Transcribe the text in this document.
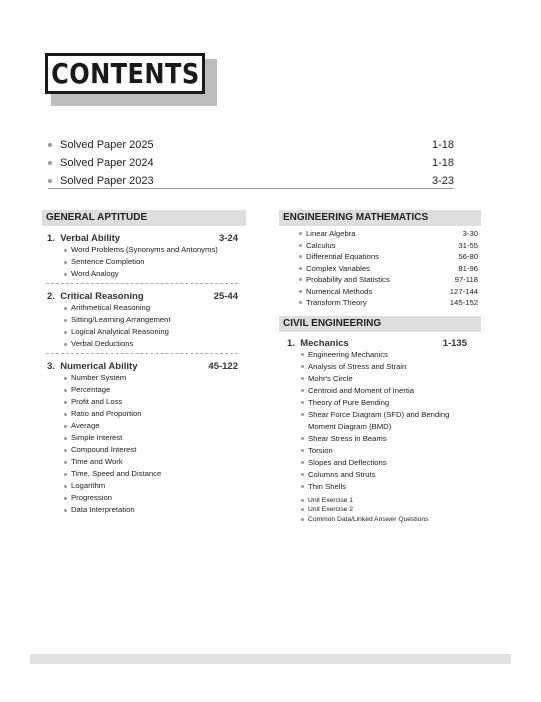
CONTENTS
Solved Paper 2025	1-18
Solved Paper 2024	1-18
Solved Paper 2023	3-23
GENERAL APTITUDE
1. Verbal Ability	3-24
Word Problems (Synonyms and Antonyms)
Sentence Completion
Word Analogy
2. Critical Reasoning	25-44
Arithmetical Reasoning
Sitting/Learning Arrangement
Logical Analytical Reasoning
Verbal Deductions
3. Numerical Ability	45-122
Number System
Percentage
Profit and Loss
Ratio and Proportion
Average
Simple Interest
Compound Interest
Time and Work
Time, Speed and Distance
Logarithm
Progression
Data Interpretation
ENGINEERING MATHEMATICS
Linear Algebra	3-30
Calculus	31-55
Differential Equations	56-80
Complex Variables	81-96
Probability and Statistics	97-118
Numerical Methods	127-144
Transform Theory	145-152
CIVIL ENGINEERING
1. Mechanics	1-135
Engineering Mechanics
Analysis of Stress and Strain
Mohr's Circle
Centroid and Moment of Inertia
Theory of Pure Bending
Shear Force Diagram (SFD) and Bending Moment Diagram (BMD)
Shear Stress in Beams
Torsion
Slopes and Deflections
Columns and Struts
Thin Shells
Unit Exercise 1
Unit Exercise 2
Common Data/Linked Answer Questions
